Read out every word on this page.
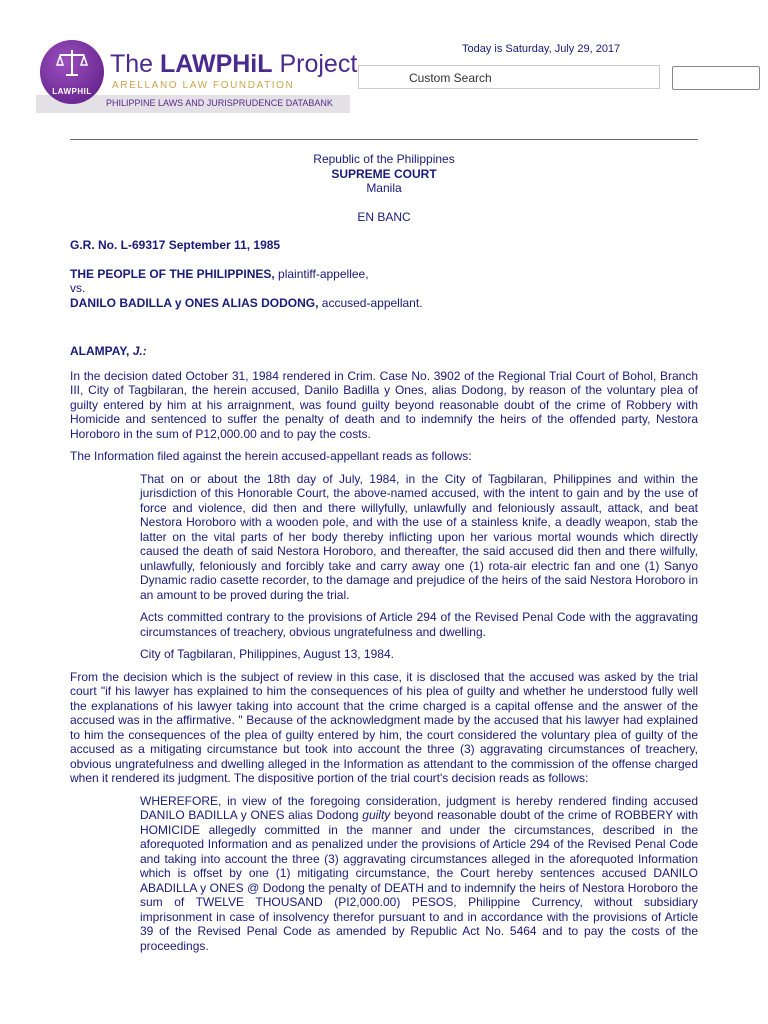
PHILIPPINE LAWS AND JURISPRUDENCE DATABANK
LAWPHIL
The LAWPHiL Project
ARELLANO LAW FOUNDATION
Today is Saturday, July 29, 2017
Custom Search
Republic of the Philippines
SUPREME COURT
Manila
EN BANC
G.R. No. L-69317 September 11, 1985
THE PEOPLE OF THE PHILIPPINES, plaintiff-appellee,
vs.
DANILO BADILLA y ONES ALIAS DODONG, accused-appellant.
ALAMPAY, J.:

In the decision dated October 31, 1984 rendered in Crim. Case No. 3902 of the Regional Trial Court of Bohol, Branch III, City of Tagbilaran, the herein accused, Danilo Badilla y Ones, alias Dodong, by reason of the voluntary plea of guilty entered by him at his arraignment, was found guilty beyond reasonable doubt of the crime of Robbery with Homicide and sentenced to suffer the penalty of death and to indemnify the heirs of the offended party, Nestora Horoboro in the sum of P12,000.00 and to pay the costs.

The Information filed against the herein accused-appellant reads as follows:

That on or about the 18th day of July, 1984, in the City of Tagbilaran, Philippines and within the jurisdiction of this Honorable Court, the above-named accused, with the intent to gain and by the use of force and violence, did then and there willyfully, unlawfully and feloniously assault, attack, and beat Nestora Horoboro with a wooden pole, and with the use of a stainless knife, a deadly weapon, stab the latter on the vital parts of her body thereby inflicting upon her various mortal wounds which directly caused the death of said Nestora Horoboro, and thereafter, the said accused did then and there wilfully, unlawfully, feloniously and forcibly take and carry away one (1) rota-air electric fan and one (1) Sanyo Dynamic radio casette recorder, to the damage and prejudice of the heirs of the said Nestora Horoboro in an amount to be proved during the trial.

Acts committed contrary to the provisions of Article 294 of the Revised Penal Code with the aggravating circumstances of treachery, obvious ungratefulness and dwelling.

City of Tagbilaran, Philippines, August 13, 1984.

From the decision which is the subject of review in this case, it is disclosed that the accused was asked by the trial court "if his lawyer has explained to him the consequences of his plea of guilty and whether he understood fully well the explanations of his lawyer taking into account that the crime charged is a capital offense and the answer of the accused was in the affirmative. " Because of the acknowledgment made by the accused that his lawyer had explained to him the consequences of the plea of guilty entered by him, the court considered the voluntary plea of guilty of the accused as a mitigating circumstance but took into account the three (3) aggravating circumstances of treachery, obvious ungratefulness and dwelling alleged in the Information as attendant to the commission of the offense charged when it rendered its judgment. The dispositive portion of the trial court's decision reads as follows:

WHEREFORE, in view of the foregoing consideration, judgment is hereby rendered finding accused DANILO BADILLA y ONES alias Dodong guilty beyond reasonable doubt of the crime of ROBBERY with HOMICIDE allegedly committed in the manner and under the circumstances, described in the aforequoted Information and as penalized under the provisions of Article 294 of the Revised Penal Code and taking into account the three (3) aggravating circumstances alleged in the aforequoted Information which is offset by one (1) mitigating circumstance, the Court hereby sentences accused DANILO ABADILLA y ONES @ Dodong the penalty of DEATH and to indemnify the heirs of Nestora Horoboro the sum of TWELVE THOUSAND (PI2,000.00) PESOS, Philippine Currency, without subsidiary imprisonment in case of insolvency therefor pursuant to and in accordance with the provisions of Article 39 of the Revised Penal Code as amended by Republic Act No. 5464 and to pay the costs of the proceedings.
